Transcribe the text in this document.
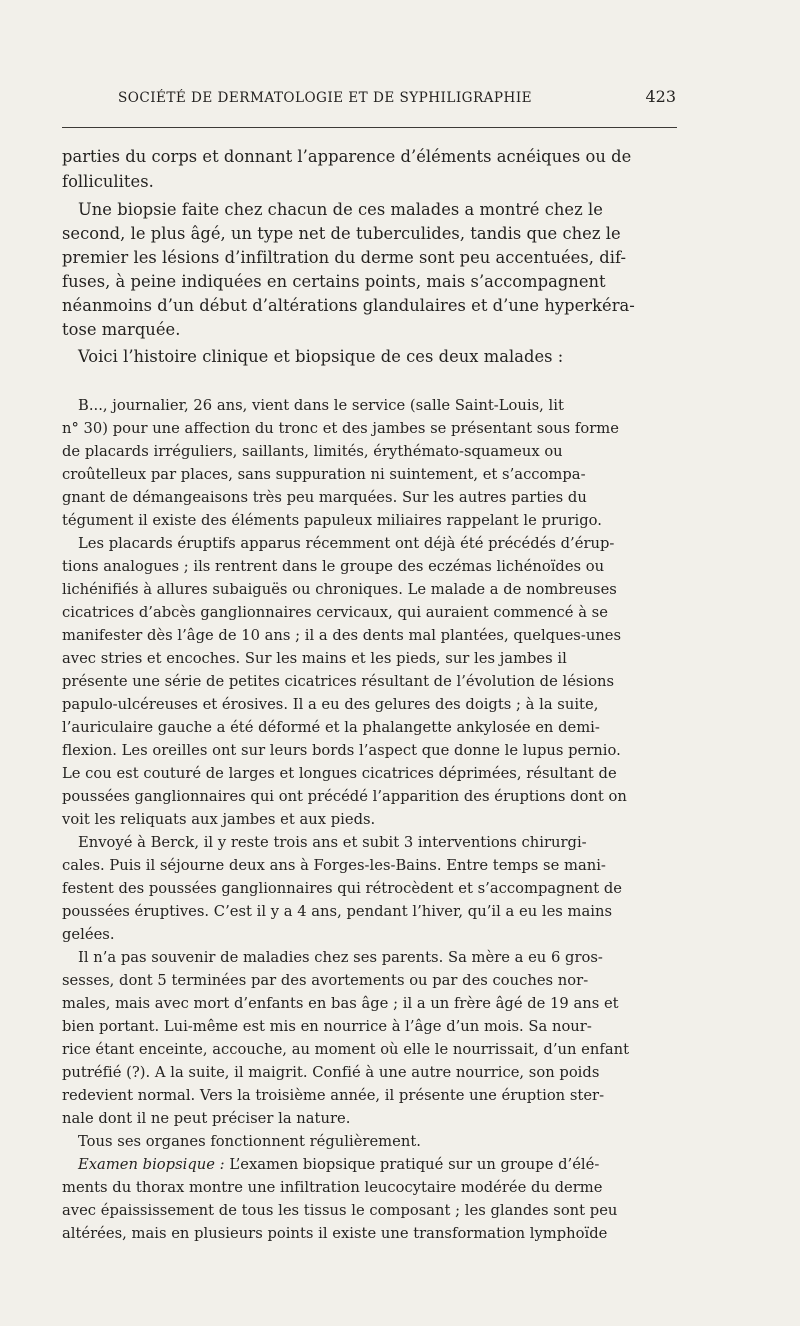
SOCIÉTÉ DE DERMATOLOGIE ET DE SYPHILIGRAPHIE	423
parties du corps et donnant l’apparence d’éléments acnéiques ou de
folliculites.
Une biopsie faite chez chacun de ces malades a montré chez le
second, le plus âgé, un type net de tuberculides, tandis que chez le
premier les lésions d’infiltration du derme sont peu accentuées, dif-
fuses, à peine indiquées en certains points, mais s’accompagnent
néanmoins d’un début d’altérations glandulaires et d’une hyperkéra-
tose marquée.
Voici l’histoire clinique et biopsique de ces deux malades :
B..., journalier, 26 ans, vient dans le service (salle Saint-Louis, lit
n° 30) pour une affection du tronc et des jambes se présentant sous forme
de placards irréguliers, saillants, limités, érythémato-squameux ou
croûtelleux par places, sans suppuration ni suintement, et s’accompa-
gnant de démangeaisons très peu marquées. Sur les autres parties du
tégument il existe des éléments papuleux miliaires rappelant le prurigo.
Les placards éruptifs apparus récemment ont déjà été précédés d’érup-
tions analogues ; ils rentrent dans le groupe des eczémas lichénoïdes ou
lichénifiés à allures subaiguës ou chroniques. Le malade a de nombreuses
cicatrices d’abcès ganglionnaires cervicaux, qui auraient commencé à se
manifester dès l’âge de 10 ans ; il a des dents mal plantées, quelques-unes
avec stries et encoches. Sur les mains et les pieds, sur les jambes il
présente une série de petites cicatrices résultant de l’évolution de lésions
papulo-ulcéreuses et érosives. Il a eu des gelures des doigts ; à la suite,
l’auriculaire gauche a été déformé et la phalangette ankylosée en demi-
flexion. Les oreilles ont sur leurs bords l’aspect que donne le lupus pernio.
Le cou est couturé de larges et longues cicatrices déprimées, résultant de
poussées ganglionnaires qui ont précédé l’apparition des éruptions dont on
voit les reliquats aux jambes et aux pieds.
Envoyé à Berck, il y reste trois ans et subit 3 interventions chirurgi-
cales. Puis il séjourne deux ans à Forges-les-Bains. Entre temps se mani-
festent des poussées ganglionnaires qui rétrocèdent et s’accompagnent de
poussées éruptives. C’est il y a 4 ans, pendant l’hiver, qu’il a eu les mains
gelées.
Il n’a pas souvenir de maladies chez ses parents. Sa mère a eu 6 gros-
sesses, dont 5 terminées par des avortements ou par des couches nor-
males, mais avec mort d’enfants en bas âge ; il a un frère âgé de 19 ans et
bien portant. Lui-même est mis en nourrice à l’âge d’un mois. Sa nour-
rice étant enceinte, accouche, au moment où elle le nourrissait, d’un enfant
putréfié (?). A la suite, il maigrit. Confié à une autre nourrice, son poids
redevient normal. Vers la troisième année, il présente une éruption ster-
nale dont il ne peut préciser la nature.
Tous ses organes fonctionnent régulièrement.
Examen biopsique : L’examen biopsique pratiqué sur un groupe d’élé-
ments du thorax montre une infiltration leucocytaire modérée du derme
avec épaississement de tous les tissus le composant ; les glandes sont peu
altérées, mais en plusieurs points il existe une transformation lymphoïde
